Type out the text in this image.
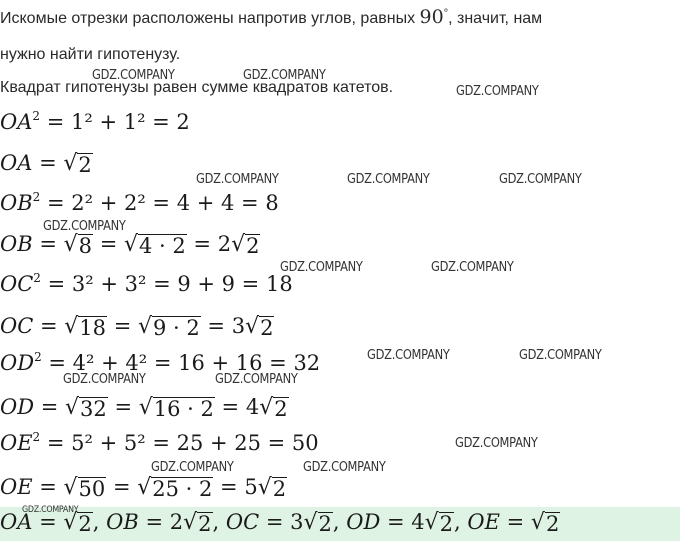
Искомые отрезки расположены напротив углов, равных 90°, значит, нам
нужно найти гипотенузу.
Квадрат гипотенузы равен сумме квадратов катетов.
$OA^2 = 1^2 + 1^2 = 2$
OA = √ 2
$OB^2 = 2^2 + 2^2 = 4 + 4 = 8$
OB = √ 8 = √ 4 · 2 = 2 √ 2
$OC^2 = 3^2 + 3^2 = 9 + 9 = 18$
OC = √ 18 = √ 9 · 2 = 3 √ 2
$OD^2 = 4^2 + 4^2 = 16 + 16 = 32$
OD = √ 32 = √ 16 · 2 = 4 √ 2
$OE^2 = 5^2 + 5^2 = 25 + 25 = 50$
OE = √ 50 = √ 25 · 2 = 5 √ 2
OA = √ 2 , OB = 2 √ 2 , OC = 3 √ 2 , OD = 4 √ 2 , OE = √ 2
GDZ.COMPANY	GDZ.COMPANY
GDZ.COMPANY
GDZ.COMPANY	GDZ.COMPANY	GDZ.COMPANY
GDZ.COMPANY
GDZ.COMPANY	GDZ.COMPANY
GDZ.COMPANY	GDZ.COMPANY
GDZ.COMPANY	GDZ.COMPANY
GDZ.COMPANY
GDZ.COMPANY	GDZ.COMPANY
GDZ.COMPANY
